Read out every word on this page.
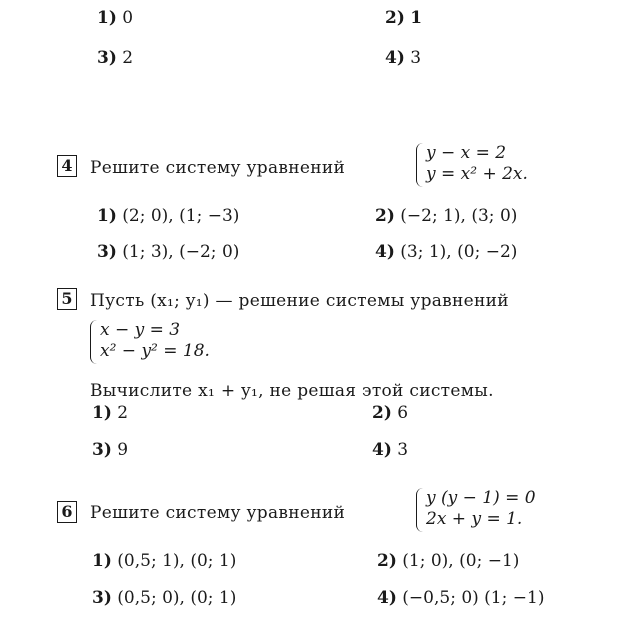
1) 0	2) 1
3) 2	4) 3
4 Решите систему уравнений
y − x = 2
y = x² + 2x.
1) (2; 0), (1; −3)	2) (−2; 1), (3; 0)
3) (1; 3), (−2; 0)	4) (3; 1), (0; −2)
5 Пусть (x₁; y₁) — решение системы уравнений
x − y = 3
x² − y² = 18.
Вычислите x₁ + y₁, не решая этой системы.
1) 2	2) 6
3) 9	4) 3
6 Решите систему уравнений
y (y − 1) = 0
2x + y = 1.
1) (0,5; 1), (0; 1)	2) (1; 0), (0; −1)
3) (0,5; 0), (0; 1)	4) (−0,5; 0) (1; −1)
